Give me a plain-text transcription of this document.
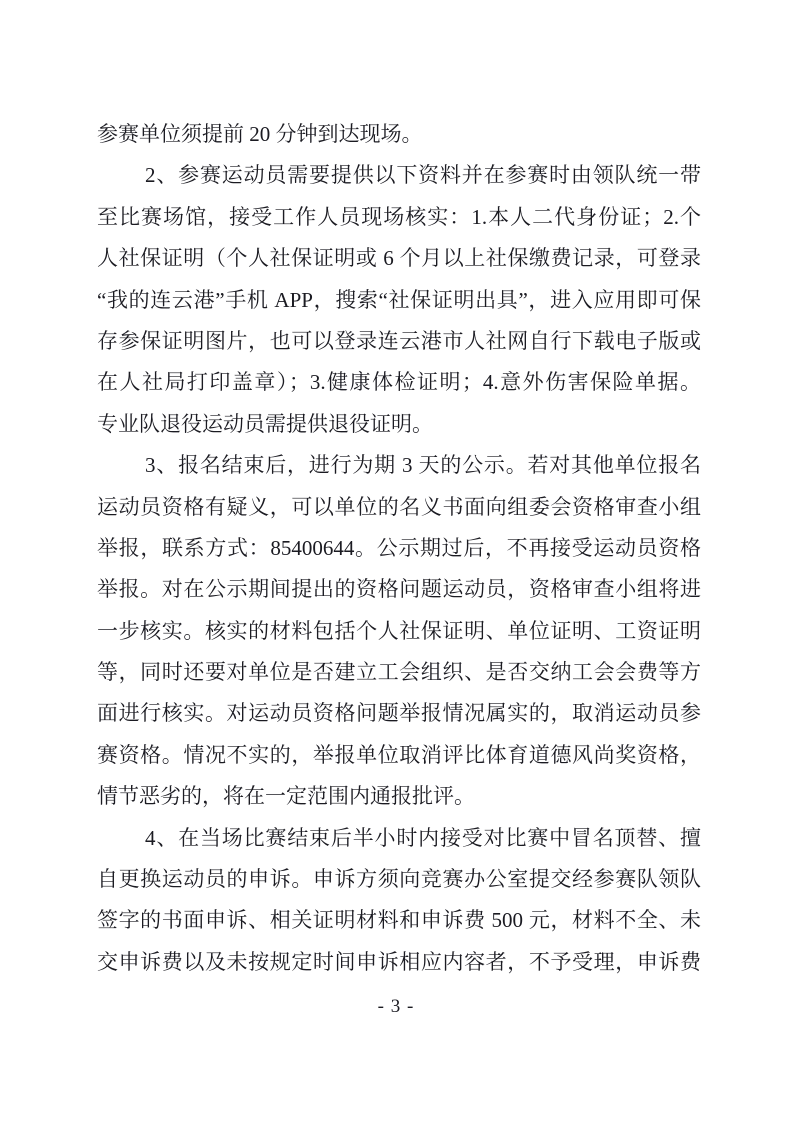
参赛单位须提前 20 分钟到达现场。
2、参赛运动员需要提供以下资料并在参赛时由领队统一带
至比赛场馆，接受工作人员现场核实：1.本人二代身份证；2.个
人社保证明（个人社保证明或 6 个月以上社保缴费记录，可登录
“我的连云港”手机 APP，搜索“社保证明出具”，进入应用即可保
存参保证明图片，也可以登录连云港市人社网自行下载电子版或
在人社局打印盖章）；3.健康体检证明；4.意外伤害保险单据。
专业队退役运动员需提供退役证明。
3、报名结束后，进行为期 3 天的公示。若对其他单位报名
运动员资格有疑义，可以单位的名义书面向组委会资格审查小组
举报，联系方式：85400644。公示期过后，不再接受运动员资格
举报。对在公示期间提出的资格问题运动员，资格审查小组将进
一步核实。核实的材料包括个人社保证明、单位证明、工资证明
等，同时还要对单位是否建立工会组织、是否交纳工会会费等方
面进行核实。对运动员资格问题举报情况属实的，取消运动员参
赛资格。情况不实的，举报单位取消评比体育道德风尚奖资格，
情节恶劣的，将在一定范围内通报批评。
4、在当场比赛结束后半小时内接受对比赛中冒名顶替、擅
自更换运动员的申诉。申诉方须向竞赛办公室提交经参赛队领队
签字的书面申诉、相关证明材料和申诉费 500 元，材料不全、未
交申诉费以及未按规定时间申诉相应内容者，不予受理，申诉费
- 3 -
